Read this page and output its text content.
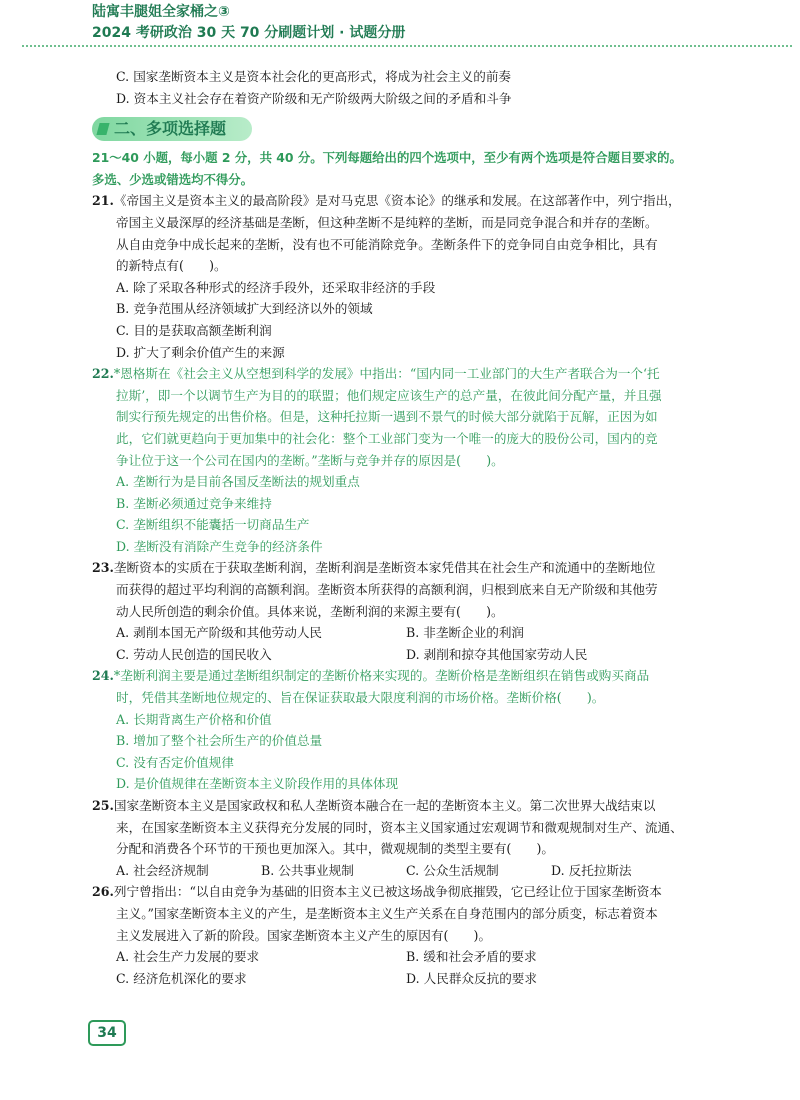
陆寓丰腿姐全家桶之③
2024 考研政治 30 天 70 分刷题计划 · 试题分册
C. 国家垄断资本主义是资本社会化的更高形式，将成为社会主义的前奏
D. 资本主义社会存在着资产阶级和无产阶级两大阶级之间的矛盾和斗争
二、多项选择题
21～40 小题，每小题 2 分，共 40 分。下列每题给出的四个选项中，至少有两个选项是符合题目要求的。
多选、少选或错选均不得分。
21.《帝国主义是资本主义的最高阶段》是对马克思《资本论》的继承和发展。在这部著作中，列宁指出，
帝国主义最深厚的经济基础是垄断，但这种垄断不是纯粹的垄断，而是同竞争混合和并存的垄断。
从自由竞争中成长起来的垄断，没有也不可能消除竞争。垄断条件下的竞争同自由竞争相比，具有
的新特点有(　　)。
A. 除了采取各种形式的经济手段外，还采取非经济的手段
B. 竞争范围从经济领域扩大到经济以外的领域
C. 目的是获取高额垄断利润
D. 扩大了剩余价值产生的来源
22.*恩格斯在《社会主义从空想到科学的发展》中指出：“国内同一工业部门的大生产者联合为一个‘托
拉斯’，即一个以调节生产为目的的联盟；他们规定应该生产的总产量，在彼此间分配产量，并且强
制实行预先规定的出售价格。但是，这种托拉斯一遇到不景气的时候大部分就陷于瓦解，正因为如
此，它们就更趋向于更加集中的社会化：整个工业部门变为一个唯一的庞大的股份公司，国内的竞
争让位于这一个公司在国内的垄断。”垄断与竞争并存的原因是(　　)。
A. 垄断行为是目前各国反垄断法的规划重点
B. 垄断必须通过竞争来维持
C. 垄断组织不能囊括一切商品生产
D. 垄断没有消除产生竞争的经济条件
23.垄断资本的实质在于获取垄断利润，垄断利润是垄断资本家凭借其在社会生产和流通中的垄断地位
而获得的超过平均利润的高额利润。垄断资本所获得的高额利润，归根到底来自无产阶级和其他劳
动人民所创造的剩余价值。具体来说，垄断利润的来源主要有(　　)。
A. 剥削本国无产阶级和其他劳动人民	B. 非垄断企业的利润
C. 劳动人民创造的国民收入	D. 剥削和掠夺其他国家劳动人民
24.*垄断利润主要是通过垄断组织制定的垄断价格来实现的。垄断价格是垄断组织在销售或购买商品
时，凭借其垄断地位规定的、旨在保证获取最大限度利润的市场价格。垄断价格(　　)。
A. 长期背离生产价格和价值
B. 增加了整个社会所生产的价值总量
C. 没有否定价值规律
D. 是价值规律在垄断资本主义阶段作用的具体体现
25.国家垄断资本主义是国家政权和私人垄断资本融合在一起的垄断资本主义。第二次世界大战结束以
来，在国家垄断资本主义获得充分发展的同时，资本主义国家通过宏观调节和微观规制对生产、流通、
分配和消费各个环节的干预也更加深入。其中，微观规制的类型主要有(　　)。
A. 社会经济规制	B. 公共事业规制	C. 公众生活规制	D. 反托拉斯法
26.列宁曾指出：“以自由竞争为基础的旧资本主义已被这场战争彻底摧毁，它已经让位于国家垄断资本
主义。”国家垄断资本主义的产生，是垄断资本主义生产关系在自身范围内的部分质变，标志着资本
主义发展进入了新的阶段。国家垄断资本主义产生的原因有(　　)。
A. 社会生产力发展的要求	B. 缓和社会矛盾的要求
C. 经济危机深化的要求	D. 人民群众反抗的要求
34
